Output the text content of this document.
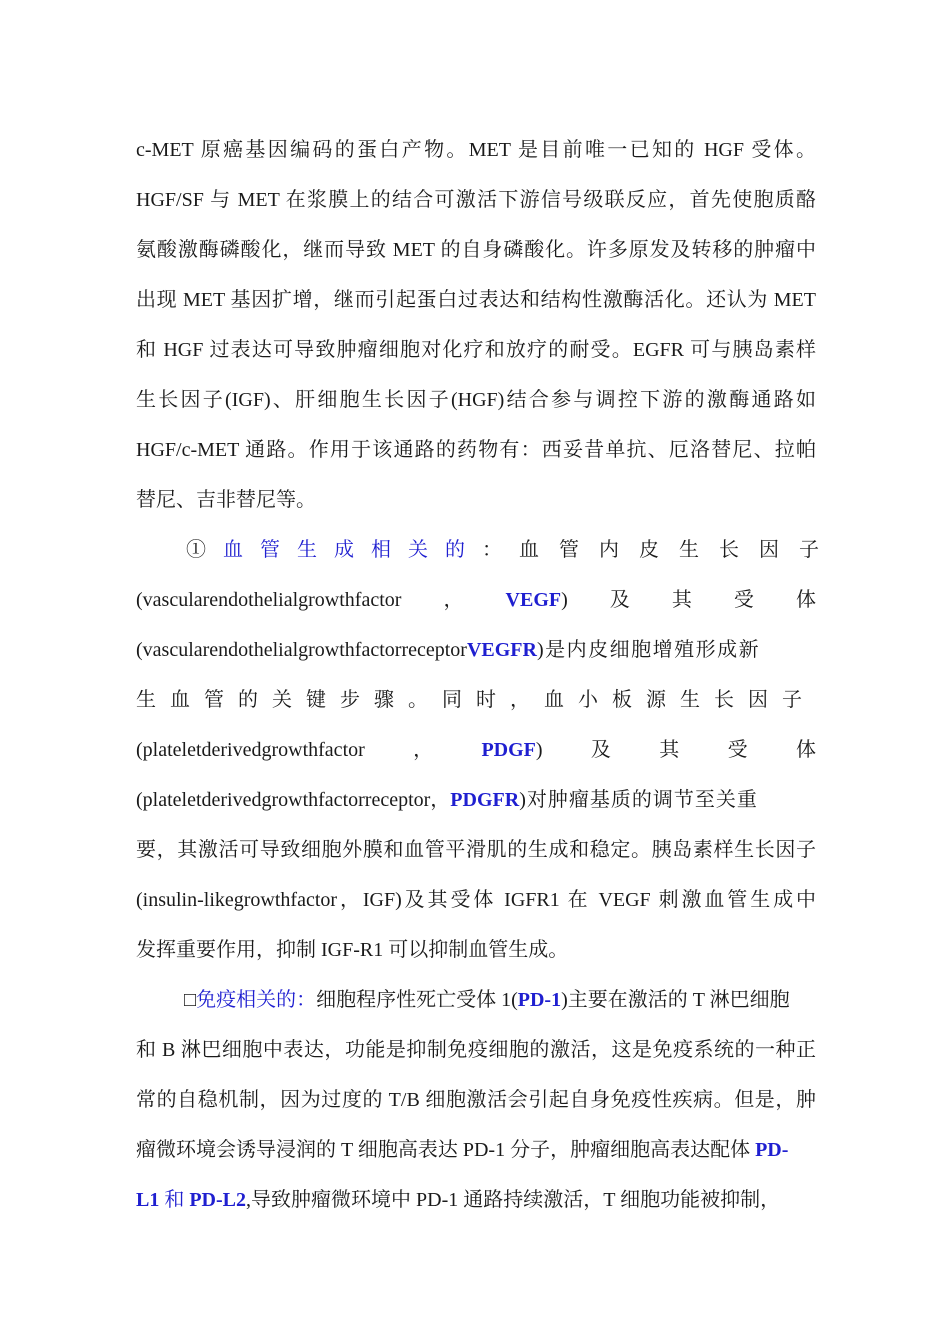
c-MET 原癌基因编码的蛋白产物。MET 是目前唯一已知的 HGF 受体。
HGF/SF 与 MET 在浆膜上的结合可激活下游信号级联反应，首先使胞质酪
氨酸激酶磷酸化，继而导致 MET 的自身磷酸化。许多原发及转移的肿瘤中
出现 MET 基因扩增，继而引起蛋白过表达和结构性激酶活化。还认为 MET
和 HGF 过表达可导致肿瘤细胞对化疗和放疗的耐受。EGFR 可与胰岛素样
生长因子(IGF)、肝细胞生长因子(HGF)结合参与调控下游的激酶通路如
HGF/c-MET 通路。作用于该通路的药物有：西妥昔单抗、厄洛替尼、拉帕
替尼、吉非替尼等。
①血管生成相关的：血管内皮生长因子
(vascularendothelialgrowthfactor ， VEGF) 及 其 受 体
(vascularendothelialgrowthfactorreceptorVEGFR)是内皮细胞增殖形成新
生血管的关键步骤。同时，血小板源生长因子
(plateletderivedgrowthfactor ， PDGF) 及 其 受 体
(plateletderivedgrowthfactorreceptor，PDGFR)对肿瘤基质的调节至关重
要，其激活可导致细胞外膜和血管平滑肌的生成和稳定。胰岛素样生长因子
(insulin-likegrowthfactor，IGF)及其受体 IGFR1 在 VEGF 刺激血管生成中
发挥重要作用，抑制 IGF-R1 可以抑制血管生成。
□免疫相关的：细胞程序性死亡受体 1(PD-1)主要在激活的 T 淋巴细胞
和 B 淋巴细胞中表达，功能是抑制免疫细胞的激活，这是免疫系统的一种正
常的自稳机制，因为过度的 T/B 细胞激活会引起自身免疫性疾病。但是，肿
瘤微环境会诱导浸润的 T 细胞高表达 PD-1 分子，肿瘤细胞高表达配体 PD-
L1 和 PD-L2,导致肿瘤微环境中 PD-1 通路持续激活，T 细胞功能被抑制，
